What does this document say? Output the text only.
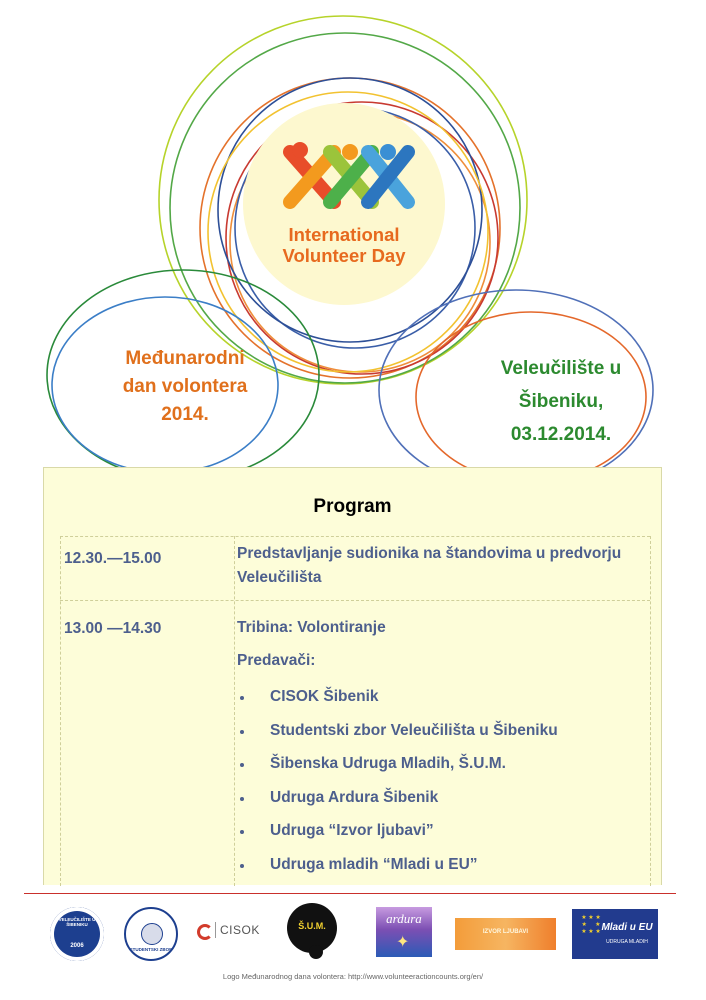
International
Volunteer Day
Međunarodni
dan volontera
2014.
Veleučilište u
Šibeniku,
03.12.2014.
Program
12.30.—15.00	Predstavljanje sudionika na štandovima u predvorju Veleučilišta
13.00 —14.30	Tribina: Volontiranje
Predavači:
CISOK Šibenik
Studentski zbor Veleučilišta u Šibeniku
Šibenska Udruga Mladih, Š.U.M.
Udruga Ardura Šibenik
Udruga “Izvor ljubavi”
Udruga mladih “Mladi u EU”
VELEUČILIŠTE U ŠIBENIKU
2006
STUDENTSKI ZBOR
CISOK	Š.U.M.	ardura
✦
IZVOR LJUBAVI
★ ★ ★
★     ★
★ ★ ★ Mladi u EU
UDRUGA MLADIH
Logo Međunarodnog dana volontera: http://www.volunteeractioncounts.org/en/
